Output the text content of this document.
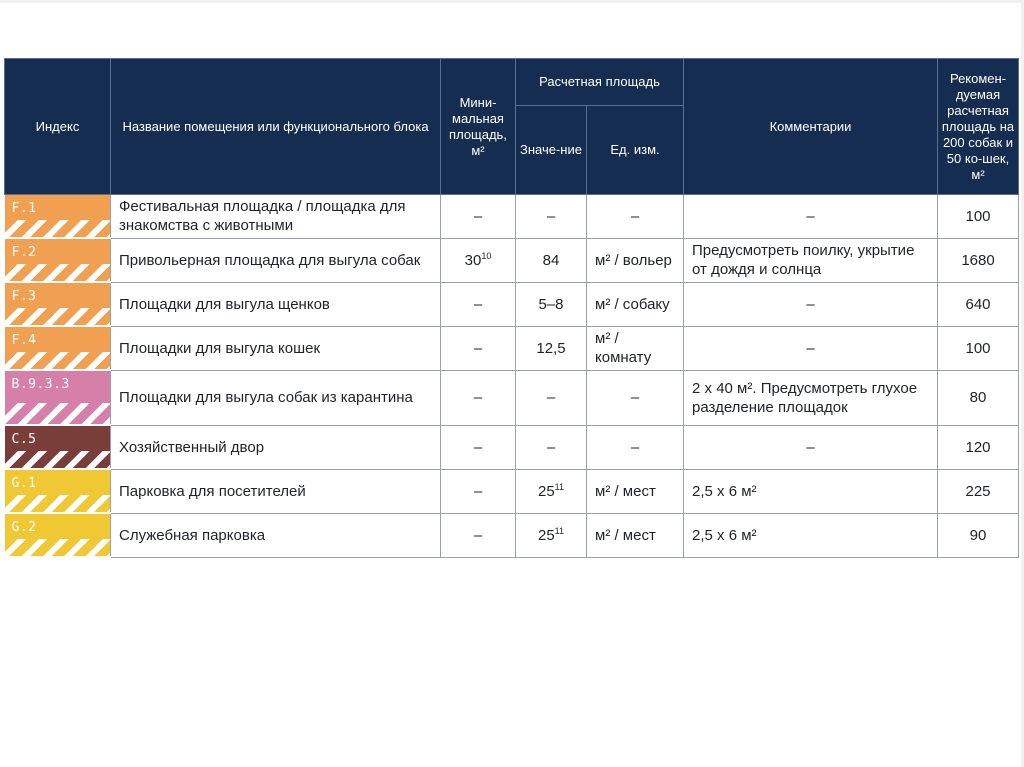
Индекс	Название помещения или функционального блока	Мини-мальная площадь, м²	Расчетная площадь		Комментарии	Рекомен-дуемая расчетная площадь на 200 собак и 50 ко-шек, м²
			Значе-ние	Ед. изм.		

F.1	Фестивальная площадка / площадка для знакомства с животными	–	–	–	–	100

F.2	Привольерная площадка для выгула собак	$30^{10}$	84	м² / вольер	Предусмотреть поилку, укрытие от дождя и солнца	1680

F.3	Площадки для выгула щенков	–	5–8	м² / собаку	–	640

F.4	Площадки для выгула кошек	–	12,5	м² / комнату	–	100

B.9.3.3	Площадки для выгула собак из карантина	–	–	–	2 х 40 м². Предусмотреть глухое разделение площадок	80

C.5	Хозяйственный двор	–	–	–	–	120

G.1	Парковка для посетителей	–	$25^{11}$	м² / мест	2,5 х 6 м²	225

G.2	Служебная парковка	–	$25^{11}$	м² / мест	2,5 х 6 м²	90
